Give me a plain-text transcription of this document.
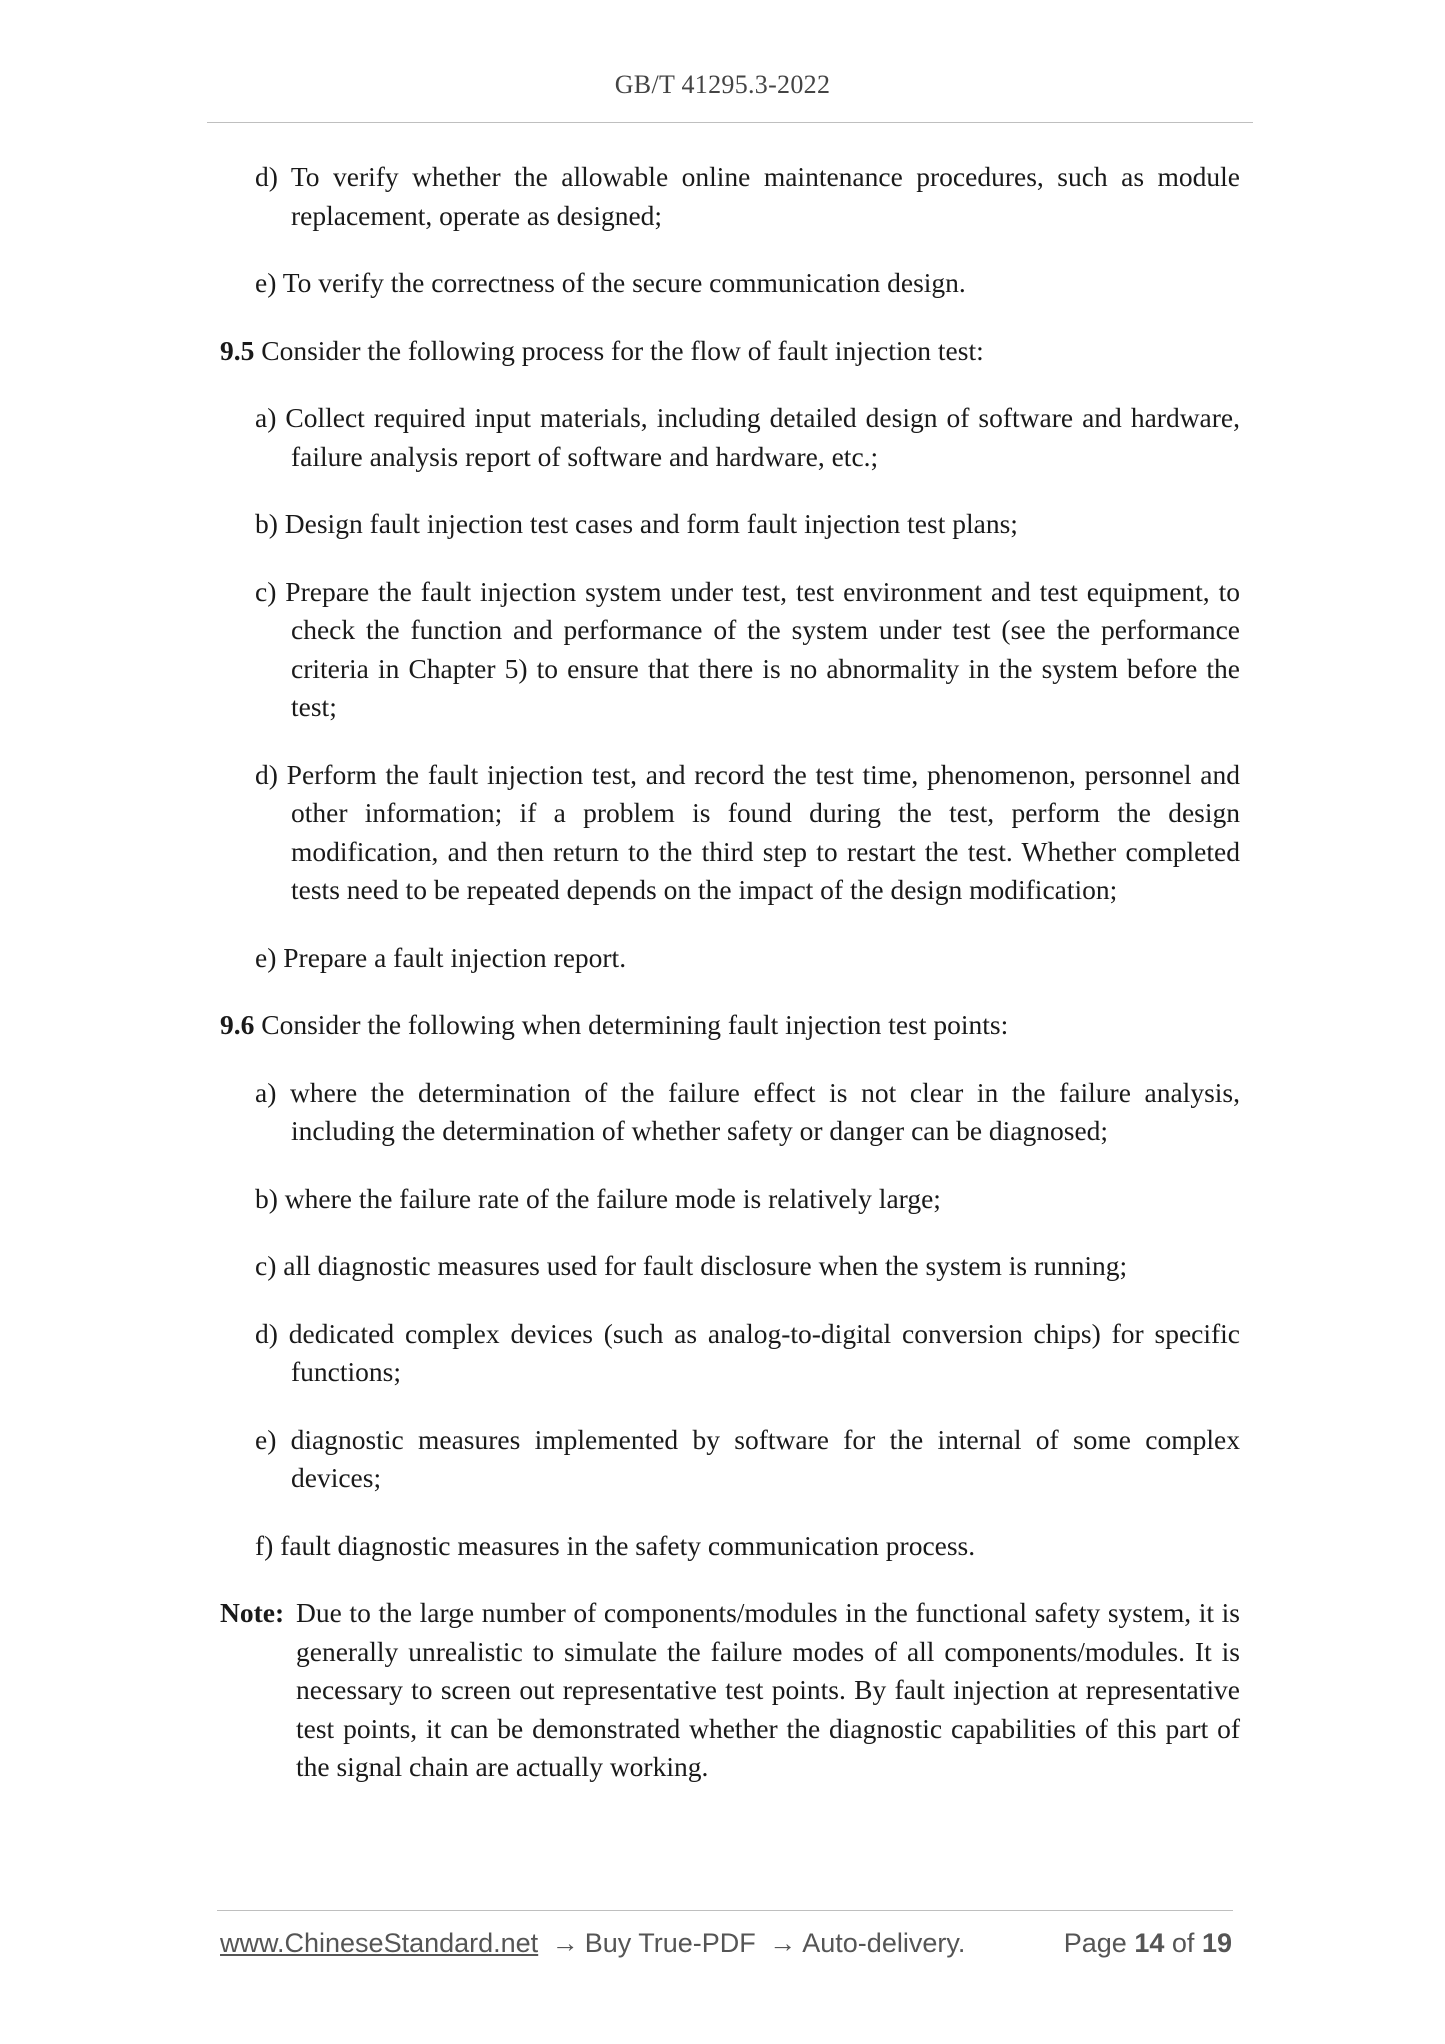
GB/T 41295.3-2022
d) To verify whether the allowable online maintenance procedures, such as module replacement, operate as designed;
e) To verify the correctness of the secure communication design.
9.5 Consider the following process for the flow of fault injection test:
a) Collect required input materials, including detailed design of software and hardware, failure analysis report of software and hardware, etc.;
b) Design fault injection test cases and form fault injection test plans;
c) Prepare the fault injection system under test, test environment and test equipment, to check the function and performance of the system under test (see the performance criteria in Chapter 5) to ensure that there is no abnormality in the system before the test;
d) Perform the fault injection test, and record the test time, phenomenon, personnel and other information; if a problem is found during the test, perform the design modification, and then return to the third step to restart the test. Whether completed tests need to be repeated depends on the impact of the design modification;
e) Prepare a fault injection report.
9.6 Consider the following when determining fault injection test points:
a) where the determination of the failure effect is not clear in the failure analysis, including the determination of whether safety or danger can be diagnosed;
b) where the failure rate of the failure mode is relatively large;
c) all diagnostic measures used for fault disclosure when the system is running;
d) dedicated complex devices (such as analog-to-digital conversion chips) for specific functions;
e) diagnostic measures implemented by software for the internal of some complex devices;
f) fault diagnostic measures in the safety communication process.
Note: Due to the large number of components/modules in the functional safety system, it is generally unrealistic to simulate the failure modes of all components/modules. It is necessary to screen out representative test points. By fault injection at representative test points, it can be demonstrated whether the diagnostic capabilities of this part of the signal chain are actually working.
www.ChineseStandard.net → Buy True-PDF → Auto-delivery.	Page 14 of 19
